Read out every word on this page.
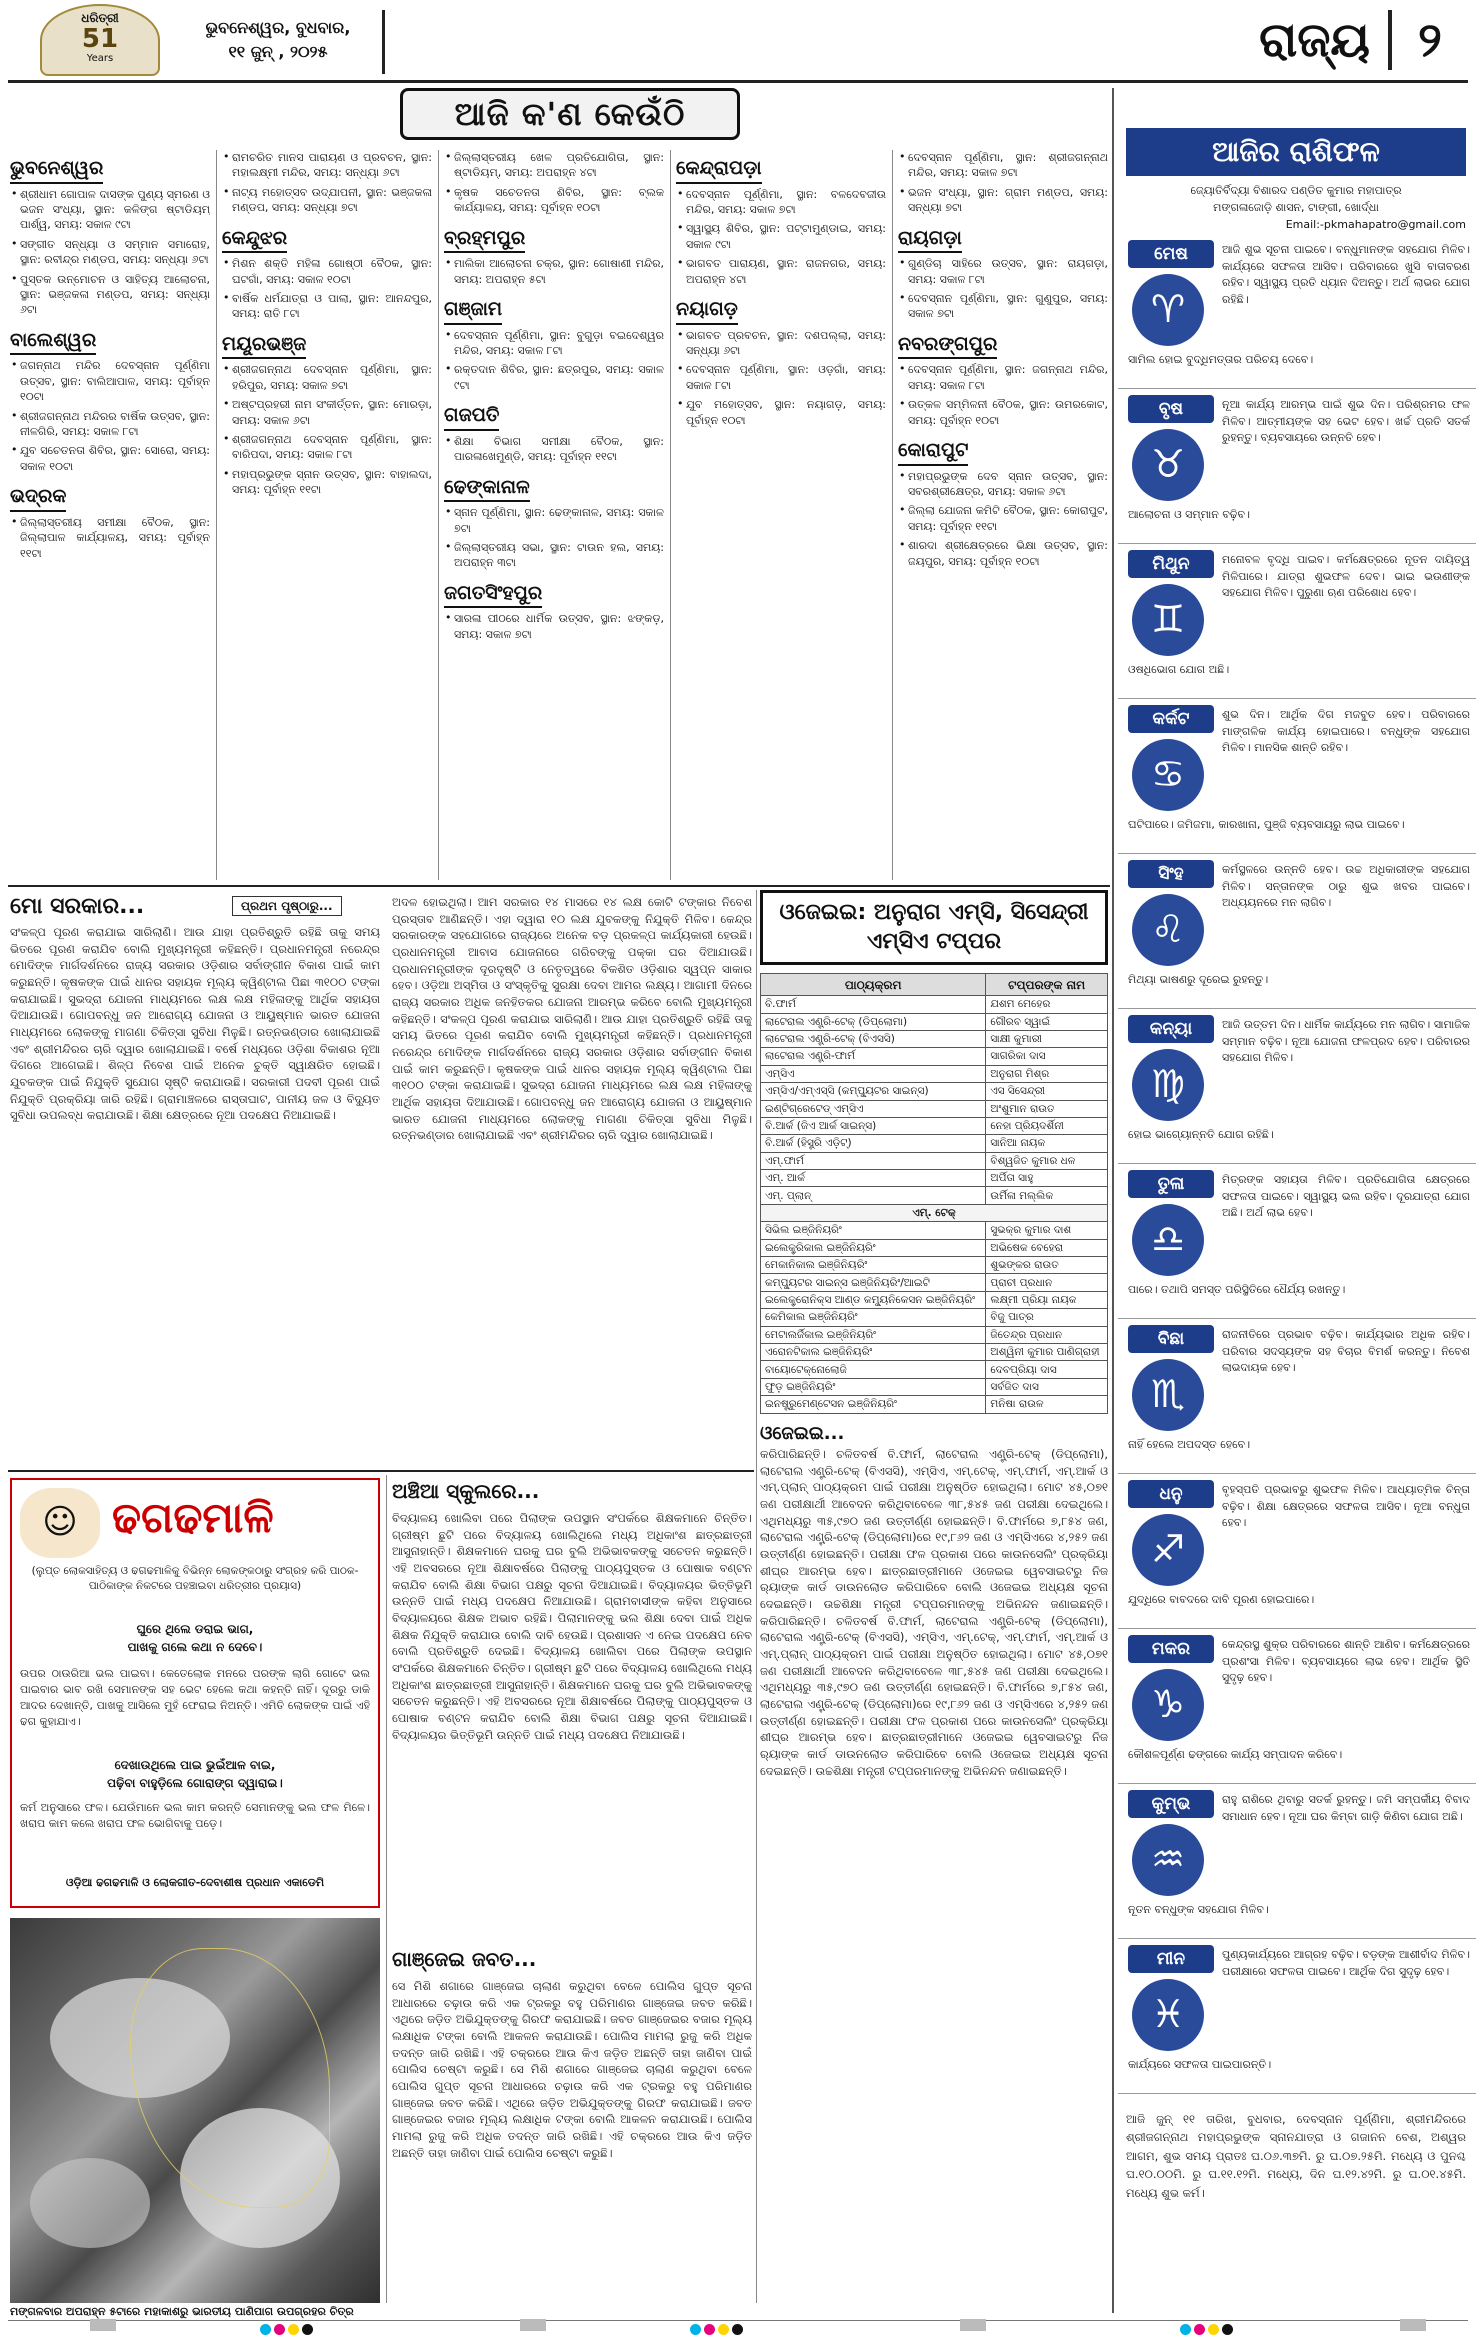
ଧରିତ୍ରୀ
51
Years
ଭୁବନେଶ୍ୱର, ବୁଧବାର,
୧୧ ଜୁନ୍ , ୨୦୨୫	ରାଜ୍ୟ	୨
ଆଜି କ'ଣ କେଉଁଠି
ଭୁବନେଶ୍ୱର
• ଶ୍ରୀଧାମ ଗୋପାଳ ଦାସଙ୍କ ପୁଣ୍ୟ ସ୍ମରଣ ଓ ଭଜନ ସଂଧ୍ୟା, ସ୍ଥାନ: କଳିଙ୍ଗ ଷ୍ଟାଡିୟମ୍‌ ପାର୍ଶ୍ୱ, ସମୟ: ସକାଳ ୯ଟା
• ସଙ୍ଗୀତ ସନ୍ଧ୍ୟା ଓ ସମ୍ମାନ ସମାରୋହ, ସ୍ଥାନ: ରବୀନ୍ଦ୍ର ମଣ୍ଡପ, ସମୟ: ସନ୍ଧ୍ୟା ୬ଟା
• ପୁସ୍ତକ ଉନ୍ମୋଚନ ଓ ସାହିତ୍ୟ ଆଲୋଚନା, ସ୍ଥାନ: ଭଞ୍ଜକଳା ମଣ୍ଡପ, ସମୟ: ସନ୍ଧ୍ୟା ୬ଟା
ବାଲେଶ୍ୱର
• ଜଗନ୍ନାଥ ମନ୍ଦିର ଦେବସ୍ନାନ ପୂର୍ଣ୍ଣିମା ଉତ୍ସବ, ସ୍ଥାନ: ବାଲିଆପାଳ, ସମୟ: ପୂର୍ବାହ୍ନ ୧୦ଟା
• ଶ୍ରୀଜଗନ୍ନାଥ ମନ୍ଦିରର ବାର୍ଷିକ ଉତ୍ସବ, ସ୍ଥାନ: ନୀଳଗିରି, ସମୟ: ସକାଳ ୮ଟା
• ଯୁବ ସଚେତନତା ଶିବିର, ସ୍ଥାନ: ସୋରୋ, ସମୟ: ସକାଳ ୧୦ଟା
ଭଦ୍ରକ
• ଜିଲ୍ଲାସ୍ତରୀୟ ସମୀକ୍ଷା ବୈଠକ, ସ୍ଥାନ: ଜିଲ୍ଲାପାଳ କାର୍ଯ୍ୟାଳୟ, ସମୟ: ପୂର୍ବାହ୍ନ ୧୧ଟା
• ରାମଚରିତ ମାନସ ପାରାୟଣ ଓ ପ୍ରବଚନ, ସ୍ଥାନ: ମହାଲକ୍ଷ୍ମୀ ମନ୍ଦିର, ସମୟ: ସନ୍ଧ୍ୟା ୬ଟା
• ନାଟ୍ୟ ମହୋତ୍ସବ ଉଦ୍‌ଯାପନୀ, ସ୍ଥାନ: ଭଞ୍ଜକଳା ମଣ୍ଡପ, ସମୟ: ସନ୍ଧ୍ୟା ୭ଟା
କେନ୍ଦୁଝର
• ମିଶନ ଶକ୍ତି ମହିଳା ଗୋଷ୍ଠୀ ବୈଠକ, ସ୍ଥାନ: ଘଟଗାଁ, ସମୟ: ସକାଳ ୧୦ଟା
• ବାର୍ଷିକ ଧର୍ମଯାତ୍ରା ଓ ପାଲା, ସ୍ଥାନ: ଆନନ୍ଦପୁର, ସମୟ: ରାତି ୮ଟା
ମୟୂରଭଞ୍ଜ
• ଶ୍ରୀଜଗନ୍ନାଥ ଦେବସ୍ନାନ ପୂର୍ଣ୍ଣିମା, ସ୍ଥାନ: ହରିପୁର, ସମୟ: ସକାଳ ୭ଟା
• ଅଷ୍ଟପ୍ରହରୀ ନାମ ସଂକୀର୍ତ୍ତନ, ସ୍ଥାନ: ମୋରଡ଼ା, ସମୟ: ସକାଳ ୬ଟା
• ଶ୍ରୀଜଗନ୍ନାଥ ଦେବସ୍ନାନ ପୂର୍ଣ୍ଣିମା, ସ୍ଥାନ: ବାରିପଦା, ସମୟ: ସକାଳ ୮ଟା
• ମହାପ୍ରଭୁଙ୍କ ସ୍ନାନ ଉତ୍ସବ, ସ୍ଥାନ: ବାହାଲଦା, ସମୟ: ପୂର୍ବାହ୍ନ ୧୧ଟା
• ଜିଲ୍ଲାସ୍ତରୀୟ ଖେଳ ପ୍ରତିଯୋଗିତା, ସ୍ଥାନ: ଷ୍ଟାଡିୟମ୍‌, ସମୟ: ଅପରାହ୍ନ ୪ଟା
• କୃଷକ ସଚେତନତା ଶିବିର, ସ୍ଥାନ: ବ୍ଲକ କାର୍ଯ୍ୟାଳୟ, ସମୟ: ପୂର୍ବାହ୍ନ ୧୦ଟା
ବ୍ରହ୍ମପୁର
• ମାଲିକା ଆଲୋଚନା ଚକ୍ର, ସ୍ଥାନ: ଗୋଷାଣୀ ମନ୍ଦିର, ସମୟ: ଅପରାହ୍ନ ୫ଟା
ଗଞ୍ଜାମ
• ଦେବସ୍ନାନ ପୂର୍ଣ୍ଣିମା, ସ୍ଥାନ: ବୁଗୁଡ଼ା ବଇଦେଶ୍ୱର ମନ୍ଦିର, ସମୟ: ସକାଳ ୮ଟା
• ରକ୍ତଦାନ ଶିବିର, ସ୍ଥାନ: ଛତ୍ରପୁର, ସମୟ: ସକାଳ ୯ଟା
ଗଜପତି
• ଶିକ୍ଷା ବିଭାଗ ସମୀକ୍ଷା ବୈଠକ, ସ୍ଥାନ: ପାରଳାଖେମୁଣ୍ଡି, ସମୟ: ପୂର୍ବାହ୍ନ ୧୧ଟା
ଢେଙ୍କାନାଳ
• ସ୍ନାନ ପୂର୍ଣ୍ଣିମା, ସ୍ଥାନ: ଢେଙ୍କାନାଳ, ସମୟ: ସକାଳ ୭ଟା
• ଜିଲ୍ଲାସ୍ତରୀୟ ସଭା, ସ୍ଥାନ: ଟାଉନ ହଲ, ସମୟ: ଅପରାହ୍ନ ୩ଟା
ଜଗତସିଂହପୁର
• ସାରଳା ପୀଠରେ ଧାର୍ମିକ ଉତ୍ସବ, ସ୍ଥାନ: ଝଙ୍କଡ଼, ସମୟ: ସକାଳ ୭ଟା
କେନ୍ଦ୍ରାପଡ଼ା
• ଦେବସ୍ନାନ ପୂର୍ଣ୍ଣିମା, ସ୍ଥାନ: ବଳଦେବଜୀଉ ମନ୍ଦିର, ସମୟ: ସକାଳ ୭ଟା
• ସ୍ୱାସ୍ଥ୍ୟ ଶିବିର, ସ୍ଥାନ: ପଟ୍ଟାମୁଣ୍ଡାଇ, ସମୟ: ସକାଳ ୯ଟା
• ଭାଗବତ ପାରାୟଣ, ସ୍ଥାନ: ରାଜନଗର, ସମୟ: ଅପରାହ୍ନ ୪ଟା
ନୟାଗଡ଼
• ଭାଗବତ ପ୍ରବଚନ, ସ୍ଥାନ: ଦଶପଲ୍ଲା, ସମୟ: ସନ୍ଧ୍ୟା ୬ଟା
• ଦେବସ୍ନାନ ପୂର୍ଣ୍ଣିମା, ସ୍ଥାନ: ଓଡ଼ଗାଁ, ସମୟ: ସକାଳ ୮ଟା
• ଯୁବ ମହୋତ୍ସବ, ସ୍ଥାନ: ନୟାଗଡ଼, ସମୟ: ପୂର୍ବାହ୍ନ ୧୦ଟା
• ଦେବସ୍ନାନ ପୂର୍ଣ୍ଣିମା, ସ୍ଥାନ: ଶ୍ରୀଜଗନ୍ନାଥ ମନ୍ଦିର, ସମୟ: ସକାଳ ୭ଟା
• ଭଜନ ସଂଧ୍ୟା, ସ୍ଥାନ: ଗ୍ରାମ ମଣ୍ଡପ, ସମୟ: ସନ୍ଧ୍ୟା ୭ଟା
ରାୟଗଡ଼ା
• ଗୁଣ୍ଡିଚା ସାହିରେ ଉତ୍ସବ, ସ୍ଥାନ: ରାୟଗଡ଼ା, ସମୟ: ସକାଳ ୮ଟା
• ଦେବସ୍ନାନ ପୂର୍ଣ୍ଣିମା, ସ୍ଥାନ: ଗୁଣୁପୁର, ସମୟ: ସକାଳ ୭ଟା
ନବରଙ୍ଗପୁର
• ଦେବସ୍ନାନ ପୂର୍ଣ୍ଣିମା, ସ୍ଥାନ: ଜଗନ୍ନାଥ ମନ୍ଦିର, ସମୟ: ସକାଳ ୮ଟା
• ଉତ୍କଳ ସମ୍ମିଳନୀ ବୈଠକ, ସ୍ଥାନ: ଉମରକୋଟ, ସମୟ: ପୂର୍ବାହ୍ନ ୧୦ଟା
କୋରାପୁଟ
• ମହାପ୍ରଭୁଙ୍କ ଦେବ ସ୍ନାନ ଉତ୍ସବ, ସ୍ଥାନ: ସବରଶ୍ରୀକ୍ଷେତ୍ର, ସମୟ: ସକାଳ ୬ଟା
• ଜିଲ୍ଲା ଯୋଜନା କମିଟି ବୈଠକ, ସ୍ଥାନ: କୋରାପୁଟ, ସମୟ: ପୂର୍ବାହ୍ନ ୧୧ଟା
• ଶାରଦା ଶ୍ରୀକ୍ଷେତ୍ରରେ ଭିକ୍ଷା ଉତ୍ସବ, ସ୍ଥାନ: ଜୟପୁର, ସମୟ: ପୂର୍ବାହ୍ନ ୧୦ଟା
ଆଜିର ରାଶିଫଳ
ଜ୍ୟୋତିର୍ବିଦ୍ୟା ବିଶାରଦ ପଣ୍ଡିତ କୁମାର ମହାପାତ୍ର
ମଙ୍ଗଳାଜୋଡ଼ି ଶାସନ, ଟାଙ୍ଗୀ, ଖୋର୍ଦ୍ଧା
Email:-pkmahapatro@gmail.com
ମେଷ
♈
ଆଜି ଶୁଭ ସୂଚନା ପାଇବେ। ବନ୍ଧୁମାନଙ୍କ ସହଯୋଗ ମିଳିବ। କାର୍ଯ୍ୟରେ ସଫଳତା ଆସିବ। ପରିବାରରେ ଖୁସି ବାତାବରଣ ରହିବ। ସ୍ୱାସ୍ଥ୍ୟ ପ୍ରତି ଧ୍ୟାନ ଦିଅନ୍ତୁ। ଅର୍ଥ ଲାଭର ଯୋଗ ରହିଛି।
ସାମିଲ ହୋଇ ବୁଦ୍ଧିମତ୍ତାର ପରିଚୟ ଦେବେ।
ବୃଷ
♉
ନୂଆ କାର୍ଯ୍ୟ ଆରମ୍ଭ ପାଇଁ ଶୁଭ ଦିନ। ପରିଶ୍ରମର ଫଳ ମିଳିବ। ଆତ୍ମୀୟଙ୍କ ସହ ଭେଟ ହେବ। ଖର୍ଚ୍ଚ ପ୍ରତି ସତର୍କ ରୁହନ୍ତୁ। ବ୍ୟବସାୟରେ ଉନ୍ନତି ହେବ।
ଆଲୋଚନା ଓ ସମ୍ମାନ ବଢ଼ିବ।
ମିଥୁନ
♊
ମନୋବଳ ବୃଦ୍ଧି ପାଇବ। କର୍ମକ୍ଷେତ୍ରରେ ନୂତନ ଦାୟିତ୍ୱ ମିଳିପାରେ। ଯାତ୍ରା ଶୁଭଫଳ ଦେବ। ଭାଇ ଭଉଣୀଙ୍କ ସହଯୋଗ ମିଳିବ। ପୁରୁଣା ଋଣ ପରିଶୋଧ ହେବ।
ଓଷଧିଭୋଗ ଯୋଗ ଅଛି।
କର୍କଟ
♋
ଶୁଭ ଦିନ। ଆର୍ଥିକ ଦିଗ ମଜବୁତ ହେବ। ପରିବାରରେ ମାଙ୍ଗଳିକ କାର୍ଯ୍ୟ ହୋଇପାରେ। ବନ୍ଧୁଙ୍କ ସହଯୋଗ ମିଳିବ। ମାନସିକ ଶାନ୍ତି ରହିବ।
ଘଟିପାରେ। ଜମିଜମା, କାରଖାନା, ପୁଞ୍ଜି ବ୍ୟବସାୟରୁ ଲାଭ ପାଇବେ।
ସିଂହ
♌
କର୍ମସ୍ଥଳରେ ଉନ୍ନତି ହେବ। ଉଚ୍ଚ ଅଧିକାରୀଙ୍କ ସହଯୋଗ ମିଳିବ। ସନ୍ତାନଙ୍କ ଠାରୁ ଶୁଭ ଖବର ପାଇବେ। ଅଧ୍ୟୟନରେ ମନ ଲାଗିବ।
ମିଥ୍ୟା ଭାଷଣରୁ ଦୂରେଇ ରୁହନ୍ତୁ।
କନ୍ୟା
♍
ଆଜି ଉତ୍ତମ ଦିନ। ଧାର୍ମିକ କାର୍ଯ୍ୟରେ ମନ ଲାଗିବ। ସାମାଜିକ ସମ୍ମାନ ବଢ଼ିବ। ନୂଆ ଯୋଜନା ଫଳପ୍ରଦ ହେବ। ପରିବାରର ସହଯୋଗ ମିଳିବ।
ହୋଇ ଭାଗ୍ୟୋନ୍ନତି ଯୋଗ ରହିଛି।
ତୁଳା
♎
ମିତ୍ରଙ୍କ ସହାୟତା ମିଳିବ। ପ୍ରତିଯୋଗିତା କ୍ଷେତ୍ରରେ ସଫଳତା ପାଇବେ। ସ୍ୱାସ୍ଥ୍ୟ ଭଲ ରହିବ। ଦୂରଯାତ୍ରା ଯୋଗ ଅଛି। ଅର୍ଥ ଲାଭ ହେବ।
ପାରେ। ତଥାପି ସମସ୍ତ ପରିସ୍ଥିତିରେ ଧୈର୍ଯ୍ୟ ରଖନ୍ତୁ।
ବିଛା
♏
ରାଜନୀତିରେ ପ୍ରଭାବ ବଢ଼ିବ। କାର୍ଯ୍ୟଭାର ଅଧିକ ରହିବ। ପରିବାର ସଦସ୍ୟଙ୍କ ସହ ବିଚାର ବିମର୍ଶ କରନ୍ତୁ। ନିବେଶ ଲାଭଦାୟକ ହେବ।
ନାହିଁ ହେଲେ ଅପଦସ୍ତ ହେବେ।
ଧନୁ
♐
ବୃହସ୍ପତି ପ୍ରଭାବରୁ ଶୁଭଫଳ ମିଳିବ। ଆଧ୍ୟାତ୍ମିକ ଚିନ୍ତା ବଢ଼ିବ। ଶିକ୍ଷା କ୍ଷେତ୍ରରେ ସଫଳତା ଆସିବ। ନୂଆ ବନ୍ଧୁତା ହେବ।
ଯୁଦ୍ଧିରେ ବାବଦରେ ଦାବି ପୂରଣ ହୋଇପାରେ।
ମକର
♑
କେନ୍ଦ୍ରସ୍ଥ ଶୁକ୍ର ପରିବାରରେ ଶାନ୍ତି ଆଣିବ। କର୍ମକ୍ଷେତ୍ରରେ ପ୍ରଶଂସା ମିଳିବ। ବ୍ୟବସାୟରେ ଲାଭ ହେବ। ଆର୍ଥିକ ସ୍ଥିତି ସୁଦୃଢ଼ ହେବ।
କୌଶଳପୂର୍ଣ୍ଣ ଢଙ୍ଗରେ କାର୍ଯ୍ୟ ସମ୍ପାଦନ କରିବେ।
କୁମ୍ଭ
♒
ରାହୁ ରାଶିରେ ଥିବାରୁ ସତର୍କ ରୁହନ୍ତୁ। ଜମି ସମ୍ପର୍କୀୟ ବିବାଦ ସମାଧାନ ହେବ। ନୂଆ ଘର କିମ୍ବା ଗାଡ଼ି କିଣିବା ଯୋଗ ଅଛି।
ନୂତନ ବନ୍ଧୁଙ୍କ ସହଯୋଗ ମିଳିବ।
ମୀନ
♓
ପୁଣ୍ୟକାର୍ଯ୍ୟରେ ଆଗ୍ରହ ବଢ଼ିବ। ବଡ଼ଙ୍କ ଆଶୀର୍ବାଦ ମିଳିବ। ପରୀକ୍ଷାରେ ସଫଳତା ପାଇବେ। ଆର୍ଥିକ ଦିଗ ସୁଦୃଢ଼ ହେବ।
କାର୍ଯ୍ୟରେ ସଫଳତା ପାଇପାରନ୍ତି।
ଆଜି ଜୁନ୍ ୧୧ ତାରିଖ, ବୁଧବାର, ଦେବସ୍ନାନ ପୂର୍ଣ୍ଣିମା, ଶ୍ରୀମନ୍ଦିରରେ ଶ୍ରୀଜଗନ୍ନାଥ ମହାପ୍ରଭୁଙ୍କ ସ୍ନାନଯାତ୍ରା ଓ ଗଜାନନ ବେଶ, ଅଶ୍ୱର ଆଗମ, ଶୁଭ ସମୟ ପ୍ରାତଃ ଘ.୦୬.୩୭ମି. ରୁ ଘ.୦୭.୨୫ମି. ମଧ୍ୟେ ଓ ପୁନଶ୍ଚ ଘ.୧୦.୦୦ମି. ରୁ ଘ.୧୧.୧୨ମି. ମଧ୍ୟେ, ଦିନ ଘ.୧୨.୪୨ମି. ରୁ ଘ.୦୧.୪୫ମି. ମଧ୍ୟେ ଶୁଭ କର୍ମ।
ମୋ ସରକାର...	ପ୍ରଥମ ପୃଷ୍ଠାରୁ...
ସଂକଳ୍ପ ପୂରଣ କରାଯାଇ ସାରିଲାଣି। ଆଉ ଯାହା ପ୍ରତିଶ୍ରୁତି ରହିଛି ତାକୁ ସମୟ ଭିତରେ ପୂରଣ କରାଯିବ ବୋଲି ମୁଖ୍ୟମନ୍ତ୍ରୀ କହିଛନ୍ତି। ପ୍ରଧାନମନ୍ତ୍ରୀ ନରେନ୍ଦ୍ର ମୋଦିଙ୍କ ମାର୍ଗଦର୍ଶନରେ ରାଜ୍ୟ ସରକାର ଓଡ଼ିଶାର ସର୍ବାଙ୍ଗୀନ ବିକାଶ ପାଇଁ କାମ କରୁଛନ୍ତି। କୃଷକଙ୍କ ପାଇଁ ଧାନର ସହାୟକ ମୂଲ୍ୟ କ୍ୱିଣ୍ଟାଲ ପିଛା ୩୧୦୦ ଟଙ୍କା କରାଯାଇଛି। ସୁଭଦ୍ରା ଯୋଜନା ମାଧ୍ୟମରେ ଲକ୍ଷ ଲକ୍ଷ ମହିଳାଙ୍କୁ ଆର୍ଥିକ ସହାୟତା ଦିଆଯାଉଛି। ଗୋପବନ୍ଧୁ ଜନ ଆରୋଗ୍ୟ ଯୋଜନା ଓ ଆୟୁଷ୍ମାନ ଭାରତ ଯୋଜନା ମାଧ୍ୟମରେ ଲୋକଙ୍କୁ ମାଗଣା ଚିକିତ୍ସା ସୁବିଧା ମିଳୁଛି। ରତ୍ନଭଣ୍ଡାର ଖୋଲାଯାଇଛି ଏବଂ ଶ୍ରୀମନ୍ଦିରର ଚାରି ଦ୍ୱାର ଖୋଲାଯାଇଛି। ବର୍ଷେ ମଧ୍ୟରେ ଓଡ଼ିଶା ବିକାଶର ନୂଆ ଦିଗରେ ଆଗେଇଛି। ଶିଳ୍ପ ନିବେଶ ପାଇଁ ଅନେକ ଚୁକ୍ତି ସ୍ୱାକ୍ଷରିତ ହୋଇଛି। ଯୁବକଙ୍କ ପାଇଁ ନିଯୁକ୍ତି ସୁଯୋଗ ସୃଷ୍ଟି କରାଯାଉଛି। ସରକାରୀ ପଦବୀ ପୂରଣ ପାଇଁ ନିଯୁକ୍ତି ପ୍ରକ୍ରିୟା ଜାରି ରହିଛି। ଗ୍ରାମାଞ୍ଚଳରେ ରାସ୍ତାଘାଟ, ପାନୀୟ ଜଳ ଓ ବିଦ୍ୟୁତ ସୁବିଧା ଉପଲବ୍ଧ କରାଯାଉଛି। ଶିକ୍ଷା କ୍ଷେତ୍ରରେ ନୂଆ ପଦକ୍ଷେପ ନିଆଯାଇଛି।
ଅଦଳ ହୋଇଥିଲା। ଆମ ସରକାର ୧୪ ମାସରେ ୧୪ ଲକ୍ଷ କୋଟି ଟଙ୍କାର ନିବେଶ ପ୍ରସ୍ତାବ ଆଣିଛନ୍ତି। ଏହା ଦ୍ୱାରା ୧୦ ଲକ୍ଷ ଯୁବକଙ୍କୁ ନିଯୁକ୍ତି ମିଳିବ। କେନ୍ଦ୍ର ସରକାରଙ୍କ ସହଯୋଗରେ ରାଜ୍ୟରେ ଅନେକ ବଡ଼ ପ୍ରକଳ୍ପ କାର୍ଯ୍ୟକାରୀ ହେଉଛି। ପ୍ରଧାନମନ୍ତ୍ରୀ ଆବାସ ଯୋଜନାରେ ଗରିବଙ୍କୁ ପକ୍କା ଘର ଦିଆଯାଉଛି। ପ୍ରଧାନମନ୍ତ୍ରୀଙ୍କ ଦୂରଦୃଷ୍ଟି ଓ ନେତୃତ୍ୱରେ ବିକଶିତ ଓଡ଼ିଶାର ସ୍ୱପ୍ନ ସାକାର ହେବ। ଓଡ଼ିଆ ଅସ୍ମିତା ଓ ସଂସ୍କୃତିକୁ ସୁରକ୍ଷା ଦେବା ଆମର ଲକ୍ଷ୍ୟ। ଆଗାମୀ ଦିନରେ ରାଜ୍ୟ ସରକାର ଅଧିକ ଜନହିତକର ଯୋଜନା ଆରମ୍ଭ କରିବେ ବୋଲି ମୁଖ୍ୟମନ୍ତ୍ରୀ କହିଛନ୍ତି। ସଂକଳ୍ପ ପୂରଣ କରାଯାଇ ସାରିଲାଣି। ଆଉ ଯାହା ପ୍ରତିଶ୍ରୁତି ରହିଛି ତାକୁ ସମୟ ଭିତରେ ପୂରଣ କରାଯିବ ବୋଲି ମୁଖ୍ୟମନ୍ତ୍ରୀ କହିଛନ୍ତି। ପ୍ରଧାନମନ୍ତ୍ରୀ ନରେନ୍ଦ୍ର ମୋଦିଙ୍କ ମାର୍ଗଦର୍ଶନରେ ରାଜ୍ୟ ସରକାର ଓଡ଼ିଶାର ସର୍ବାଙ୍ଗୀନ ବିକାଶ ପାଇଁ କାମ କରୁଛନ୍ତି। କୃଷକଙ୍କ ପାଇଁ ଧାନର ସହାୟକ ମୂଲ୍ୟ କ୍ୱିଣ୍ଟାଲ ପିଛା ୩୧୦୦ ଟଙ୍କା କରାଯାଇଛି। ସୁଭଦ୍ରା ଯୋଜନା ମାଧ୍ୟମରେ ଲକ୍ଷ ଲକ୍ଷ ମହିଳାଙ୍କୁ ଆର୍ଥିକ ସହାୟତା ଦିଆଯାଉଛି। ଗୋପବନ୍ଧୁ ଜନ ଆରୋଗ୍ୟ ଯୋଜନା ଓ ଆୟୁଷ୍ମାନ ଭାରତ ଯୋଜନା ମାଧ୍ୟମରେ ଲୋକଙ୍କୁ ମାଗଣା ଚିକିତ୍ସା ସୁବିଧା ମିଳୁଛି। ରତ୍ନଭଣ୍ଡାର ଖୋଲାଯାଇଛି ଏବଂ ଶ୍ରୀମନ୍ଦିରର ଚାରି ଦ୍ୱାର ଖୋଲାଯାଇଛି।
☺ ଢଗଢମାଳି
(ଲୁପ୍ତ ଲୋକସାହିତ୍ୟ ଓ ଢଗଢମାଳିକୁ ବିଭିନ୍ନ ଲୋକଙ୍କଠାରୁ ସଂଗ୍ରହ କରି ପାଠକ-ପାଠିକାଙ୍କ ନିକଟରେ ପହଞ୍ଚାଇବା ଧରିତ୍ରୀର ପ୍ରୟାସ)
ଘୁରେ ଥିଲେ ଡରାଇ ଭାଗ,
ପାଖକୁ ଗଲେ କଥା ନ ଦେବେ।
ଉପର ଠାଉରିଆ ଭଲ ପାଇବା। କେତେଲୋକ ମନରେ ପରଙ୍କ ଲାଗି ଗୋଟେ ଭଲ ପାଇବାର ଭାବ ରଖି ସେମାନଙ୍କ ସହ ଭେଟ ହେଲେ କଥା କହନ୍ତି ନାହିଁ। ଦୂରରୁ ଡାକି ଆଦର ଦେଖାନ୍ତି, ପାଖକୁ ଆସିଲେ ମୁହଁ ଫେରାଇ ନିଅନ୍ତି। ଏମିତି ଲୋକଙ୍କ ପାଇଁ ଏହି ଢଗ କୁହାଯାଏ।
ଦେଖାଉଥିଲେ ପାଇ ଭୁଇଁଆଳ ବାଇ,
ପଢ଼ିବା ବାହୁଡ଼ିଲେ ଗୋରାଙ୍ଗ ଦ୍ୱାରାଇ।
କର୍ମ ଅନୁସାରେ ଫଳ। ଯେଉଁମାନେ ଭଲ କାମ କରନ୍ତି ସେମାନଙ୍କୁ ଭଲ ଫଳ ମିଳେ। ଖରାପ କାମ କଲେ ଖରାପ ଫଳ ଭୋଗିବାକୁ ପଡ଼େ।
ଓଡ଼ିଆ ଢଗଢମାଳି ଓ ଲୋକଗୀତ-ଦେବାଶୀଷ ପ୍ରଧାନ ଏକାଡେମି
ମଙ୍ଗଳବାର ଅପରାହ୍ନ ୫ଟାରେ ମହାକାଶରୁ ଭାରତୀୟ ପାଣିପାଗ ଉପଗ୍ରହର ଚିତ୍ର
ଅଞ୍ଚିଆ ସ୍କୁଲରେ...
ବିଦ୍ୟାଳୟ ଖୋଲିବା ପରେ ପିଲାଙ୍କ ଉପସ୍ଥାନ ସଂପର୍କରେ ଶିକ୍ଷକମାନେ ଚିନ୍ତିତ। ଗ୍ରୀଷ୍ମ ଛୁଟି ପରେ ବିଦ୍ୟାଳୟ ଖୋଲିଥିଲେ ମଧ୍ୟ ଅଧିକାଂଶ ଛାତ୍ରଛାତ୍ରୀ ଆସୁନାହାନ୍ତି। ଶିକ୍ଷକମାନେ ଘରକୁ ଘର ବୁଲି ଅଭିଭାବକଙ୍କୁ ସଚେତନ କରୁଛନ୍ତି। ଏହି ଅବସରରେ ନୂଆ ଶିକ୍ଷାବର୍ଷରେ ପିଲାଙ୍କୁ ପାଠ୍ୟପୁସ୍ତକ ଓ ପୋଷାକ ବଣ୍ଟନ କରାଯିବ ବୋଲି ଶିକ୍ଷା ବିଭାଗ ପକ୍ଷରୁ ସୂଚନା ଦିଆଯାଇଛି। ବିଦ୍ୟାଳୟର ଭିତ୍ତିଭୂମି ଉନ୍ନତି ପାଇଁ ମଧ୍ୟ ପଦକ୍ଷେପ ନିଆଯାଉଛି। ଗ୍ରାମବାସୀଙ୍କ କହିବା ଅନୁସାରେ ବିଦ୍ୟାଳୟରେ ଶିକ୍ଷକ ଅଭାବ ରହିଛି। ପିଲାମାନଙ୍କୁ ଭଲ ଶିକ୍ଷା ଦେବା ପାଇଁ ଅଧିକ ଶିକ୍ଷକ ନିଯୁକ୍ତି କରାଯାଉ ବୋଲି ଦାବି ହେଉଛି। ପ୍ରଶାସନ ଏ ନେଇ ପଦକ୍ଷେପ ନେବ ବୋଲି ପ୍ରତିଶ୍ରୁତି ଦେଇଛି। ବିଦ୍ୟାଳୟ ଖୋଲିବା ପରେ ପିଲାଙ୍କ ଉପସ୍ଥାନ ସଂପର୍କରେ ଶିକ୍ଷକମାନେ ଚିନ୍ତିତ। ଗ୍ରୀଷ୍ମ ଛୁଟି ପରେ ବିଦ୍ୟାଳୟ ଖୋଲିଥିଲେ ମଧ୍ୟ ଅଧିକାଂଶ ଛାତ୍ରଛାତ୍ରୀ ଆସୁନାହାନ୍ତି। ଶିକ୍ଷକମାନେ ଘରକୁ ଘର ବୁଲି ଅଭିଭାବକଙ୍କୁ ସଚେତନ କରୁଛନ୍ତି। ଏହି ଅବସରରେ ନୂଆ ଶିକ୍ଷାବର୍ଷରେ ପିଲାଙ୍କୁ ପାଠ୍ୟପୁସ୍ତକ ଓ ପୋଷାକ ବଣ୍ଟନ କରାଯିବ ବୋଲି ଶିକ୍ଷା ବିଭାଗ ପକ୍ଷରୁ ସୂଚନା ଦିଆଯାଇଛି। ବିଦ୍ୟାଳୟର ଭିତ୍ତିଭୂମି ଉନ୍ନତି ପାଇଁ ମଧ୍ୟ ପଦକ୍ଷେପ ନିଆଯାଉଛି।
ଗାଞ୍ଜେଇ ଜବତ...
ସେ ମିଶି ଶଗାରେ ଗାଞ୍ଜେଇ ଚାଲାଣ କରୁଥିବା ବେଳେ ପୋଲିସ ଗୁପ୍ତ ସୂଚନା ଆଧାରରେ ଚଢ଼ାଉ କରି ଏକ ଟ୍ରକରୁ ବହୁ ପରିମାଣର ଗାଞ୍ଜେଇ ଜବତ କରିଛି। ଏଥିରେ ଜଡ଼ିତ ଅଭିଯୁକ୍ତଙ୍କୁ ଗିରଫ କରାଯାଇଛି। ଜବତ ଗାଞ୍ଜେଇର ବଜାର ମୂଲ୍ୟ ଲକ୍ଷାଧିକ ଟଙ୍କା ବୋଲି ଆକଳନ କରାଯାଉଛି। ପୋଲିସ ମାମଲା ରୁଜୁ କରି ଅଧିକ ତଦନ୍ତ ଜାରି ରଖିଛି। ଏହି ଚକ୍ରରେ ଆଉ କିଏ ଜଡ଼ିତ ଅଛନ୍ତି ତାହା ଜାଣିବା ପାଇଁ ପୋଲିସ ଚେଷ୍ଟା କରୁଛି। ସେ ମିଶି ଶଗାରେ ଗାଞ୍ଜେଇ ଚାଲାଣ କରୁଥିବା ବେଳେ ପୋଲିସ ଗୁପ୍ତ ସୂଚନା ଆଧାରରେ ଚଢ଼ାଉ କରି ଏକ ଟ୍ରକରୁ ବହୁ ପରିମାଣର ଗାଞ୍ଜେଇ ଜବତ କରିଛି। ଏଥିରେ ଜଡ଼ିତ ଅଭିଯୁକ୍ତଙ୍କୁ ଗିରଫ କରାଯାଇଛି। ଜବତ ଗାଞ୍ଜେଇର ବଜାର ମୂଲ୍ୟ ଲକ୍ଷାଧିକ ଟଙ୍କା ବୋଲି ଆକଳନ କରାଯାଉଛି। ପୋଲିସ ମାମଲା ରୁଜୁ କରି ଅଧିକ ତଦନ୍ତ ଜାରି ରଖିଛି। ଏହି ଚକ୍ରରେ ଆଉ କିଏ ଜଡ଼ିତ ଅଛନ୍ତି ତାହା ଜାଣିବା ପାଇଁ ପୋଲିସ ଚେଷ୍ଟା କରୁଛି।
ଓଜେଇଇ: ଅନୁରାଗ ଏମ୍‌ସି, ସିସେନ୍ଦ୍ରୀ ଏମ୍‌ସିଏ ଟପ୍‌ପର
ପାଠ୍ୟକ୍ରମ	ଟପ୍‌ପରଙ୍କ ନାମ
ବି.ଫାର୍ମ	ଯଶମ ମେହେର
ଲାଟେରାଲ ଏଣ୍ଟ୍ରି-ଟେକ୍ (ଡିପ୍ଲୋମା)	ଗୌରବ ସ୍ୱାଇଁ
ଲାଟେରାଲ ଏଣ୍ଟ୍ରି-ଟେକ୍ (ବିଏସସି)	ସାକ୍ଷୀ କୁମାରୀ
ଲାଟେରାଲ ଏଣ୍ଟ୍ରି-ଫାର୍ମ	ସାଗରିକା ଦାସ
ଏମ୍‌ସିଏ	ଅନୁରାଗ ମିଶ୍ର
ଏମ୍‌ସିଏ/ଏମ୍‌ଏସ୍‌ସି (କମ୍ପ୍ୟୁଟର ସାଇନ୍ସ)	ଏସ ସିସେନ୍ଦ୍ରୀ
ଇଣ୍ଟିଗ୍ରେଟେଡ୍ ଏମ୍‌ସିଏ	ଅଂଶୁମାନ ରାଉତ
ବି.ଆର୍କ (ଜିଏ ଆର୍କ ସାଇନ୍ସ)	ନେହା ପ୍ରିୟଦର୍ଶିନୀ
ବି.ଆର୍କ (ହିସ୍ଟ୍ରି ଏଡ଼ିଟ୍)	ସାନିଆ ନାୟକ
ଏମ୍.ଫାର୍ମ	ବିଶ୍ୱଜିତ କୁମାର ଧଳ
ଏମ୍. ଆର୍କ	ଅର୍ପିତା ସାହୁ
ଏମ୍. ପ୍ଲାନ୍	ଉର୍ମିଳା ମଲ୍ଲିକ
ଏମ୍. ଟେକ୍	
ସିଭିଲ ଇଞ୍ଜିନିୟରିଂ	ସୁଭକ୍ର କୁମାର ଦାଶ
ଇଲେକ୍ଟ୍ରିକାଲ ଇଞ୍ଜିନିୟରିଂ	ଅଭିଷେକ ବେହେରା
ମେକାନିକାଲ ଇଞ୍ଜିନିୟରିଂ	ଶୁଭଙ୍କର ରାଉତ
କମ୍ପ୍ୟୁଟର ସାଇନ୍ସ ଇଞ୍ଜିନିୟରିଂ/ଆଇଟି	ପ୍ରାଚୀ ପ୍ରଧାନ
ଇଲେକ୍ଟ୍ରୋନିକ୍ସ ଆଣ୍ଡ କମ୍ୟୁନିକେସନ ଇଞ୍ଜିନିୟରିଂ	ଲକ୍ଷ୍ମୀ ପ୍ରିୟା ନାୟକ
କେମିକାଲ ଇଞ୍ଜିନିୟରିଂ	ବିଜୁ ପାତ୍ର
ମେଟାଲର୍ଜିକାଲ ଇଞ୍ଜିନିୟରିଂ	ଜିତେନ୍ଦ୍ର ପ୍ରଧାନ
ଏରୋନଟିକାଲ ଇଞ୍ଜିନିୟରିଂ	ଅଶ୍ୱିନୀ କୁମାର ପାଣିଗ୍ରାହୀ
ବାୟୋଟେକ୍ନୋଲୋଜି	ଦେବପ୍ରିୟା ଦାସ
ଫୁଡ଼ ଇଞ୍ଜିନିୟରିଂ	ସର୍ବଜିତ ଦାସ
ଇନଷ୍ଟ୍ରୁମେଣ୍ଟେସନ ଇଞ୍ଜିନିୟରିଂ	ମନିଷା ରାଉଳ
ଓଜେଇଇ...
କରିପାରିଛନ୍ତି। ଚଳିତବର୍ଷ ବି.ଫାର୍ମ, ଲାଟେରାଲ ଏଣ୍ଟ୍ରି-ଟେକ୍ (ଡିପ୍ଲୋମା), ଲାଟେରାଲ ଏଣ୍ଟ୍ରି-ଟେକ୍ (ବିଏସସି), ଏମ୍‌ସିଏ, ଏମ୍.ଟେକ୍, ଏମ୍.ଫାର୍ମ, ଏମ୍.ଆର୍କ ଓ ଏମ୍.ପ୍ଲାନ୍ ପାଠ୍ୟକ୍ରମ ପାଇଁ ପରୀକ୍ଷା ଅନୁଷ୍ଠିତ ହୋଇଥିଲା। ମୋଟ ୪୫,୦୭୧ ଜଣ ପରୀକ୍ଷାର୍ଥୀ ଆବେଦନ କରିଥିବାବେଳେ ୩୮,୫୪୫ ଜଣ ପରୀକ୍ଷା ଦେଇଥିଲେ। ଏଥିମଧ୍ୟରୁ ୩୫,୯୭୦ ଜଣ ଉତ୍ତୀର୍ଣ୍ଣ ହୋଇଛନ୍ତି। ବି.ଫାର୍ମରେ ୭,୮୫୪ ଜଣ, ଲାଟେରାଲ ଏଣ୍ଟ୍ରି-ଟେକ୍ (ଡିପ୍ଲୋମା)ରେ ୧୯,୮୬୨ ଜଣ ଓ ଏମ୍‌ସିଏରେ ୪,୨୫୨ ଜଣ ଉତ୍ତୀର୍ଣ୍ଣ ହୋଇଛନ୍ତି। ପରୀକ୍ଷା ଫଳ ପ୍ରକାଶ ପରେ କାଉନସେଲିଂ ପ୍ରକ୍ରିୟା ଶୀଘ୍ର ଆରମ୍ଭ ହେବ। ଛାତ୍ରଛାତ୍ରୀମାନେ ଓଜେଇଇ ୱେବସାଇଟରୁ ନିଜ ର‌୍ୟାଙ୍କ କାର୍ଡ ଡାଉନଲୋଡ କରିପାରିବେ ବୋଲି ଓଜେଇଇ ଅଧ୍ୟକ୍ଷ ସୂଚନା ଦେଇଛନ୍ତି। ଉଚ୍ଚଶିକ୍ଷା ମନ୍ତ୍ରୀ ଟପ୍‌ପରମାନଙ୍କୁ ଅଭିନନ୍ଦନ ଜଣାଇଛନ୍ତି। କରିପାରିଛନ୍ତି। ଚଳିତବର୍ଷ ବି.ଫାର୍ମ, ଲାଟେରାଲ ଏଣ୍ଟ୍ରି-ଟେକ୍ (ଡିପ୍ଲୋମା), ଲାଟେରାଲ ଏଣ୍ଟ୍ରି-ଟେକ୍ (ବିଏସସି), ଏମ୍‌ସିଏ, ଏମ୍.ଟେକ୍, ଏମ୍.ଫାର୍ମ, ଏମ୍.ଆର୍କ ଓ ଏମ୍.ପ୍ଲାନ୍ ପାଠ୍ୟକ୍ରମ ପାଇଁ ପରୀକ୍ଷା ଅନୁଷ୍ଠିତ ହୋଇଥିଲା। ମୋଟ ୪୫,୦୭୧ ଜଣ ପରୀକ୍ଷାର୍ଥୀ ଆବେଦନ କରିଥିବାବେଳେ ୩୮,୫୪୫ ଜଣ ପରୀକ୍ଷା ଦେଇଥିଲେ। ଏଥିମଧ୍ୟରୁ ୩୫,୯୭୦ ଜଣ ଉତ୍ତୀର୍ଣ୍ଣ ହୋଇଛନ୍ତି। ବି.ଫାର୍ମରେ ୭,୮୫୪ ଜଣ, ଲାଟେରାଲ ଏଣ୍ଟ୍ରି-ଟେକ୍ (ଡିପ୍ଲୋମା)ରେ ୧୯,୮୬୨ ଜଣ ଓ ଏମ୍‌ସିଏରେ ୪,୨୫୨ ଜଣ ଉତ୍ତୀର୍ଣ୍ଣ ହୋଇଛନ୍ତି। ପରୀକ୍ଷା ଫଳ ପ୍ରକାଶ ପରେ କାଉନସେଲିଂ ପ୍ରକ୍ରିୟା ଶୀଘ୍ର ଆରମ୍ଭ ହେବ। ଛାତ୍ରଛାତ୍ରୀମାନେ ଓଜେଇଇ ୱେବସାଇଟରୁ ନିଜ ର‌୍ୟାଙ୍କ କାର୍ଡ ଡାଉନଲୋଡ କରିପାରିବେ ବୋଲି ଓଜେଇଇ ଅଧ୍ୟକ୍ଷ ସୂଚନା ଦେଇଛନ୍ତି। ଉଚ୍ଚଶିକ୍ଷା ମନ୍ତ୍ରୀ ଟପ୍‌ପରମାନଙ୍କୁ ଅଭିନନ୍ଦନ ଜଣାଇଛନ୍ତି।
